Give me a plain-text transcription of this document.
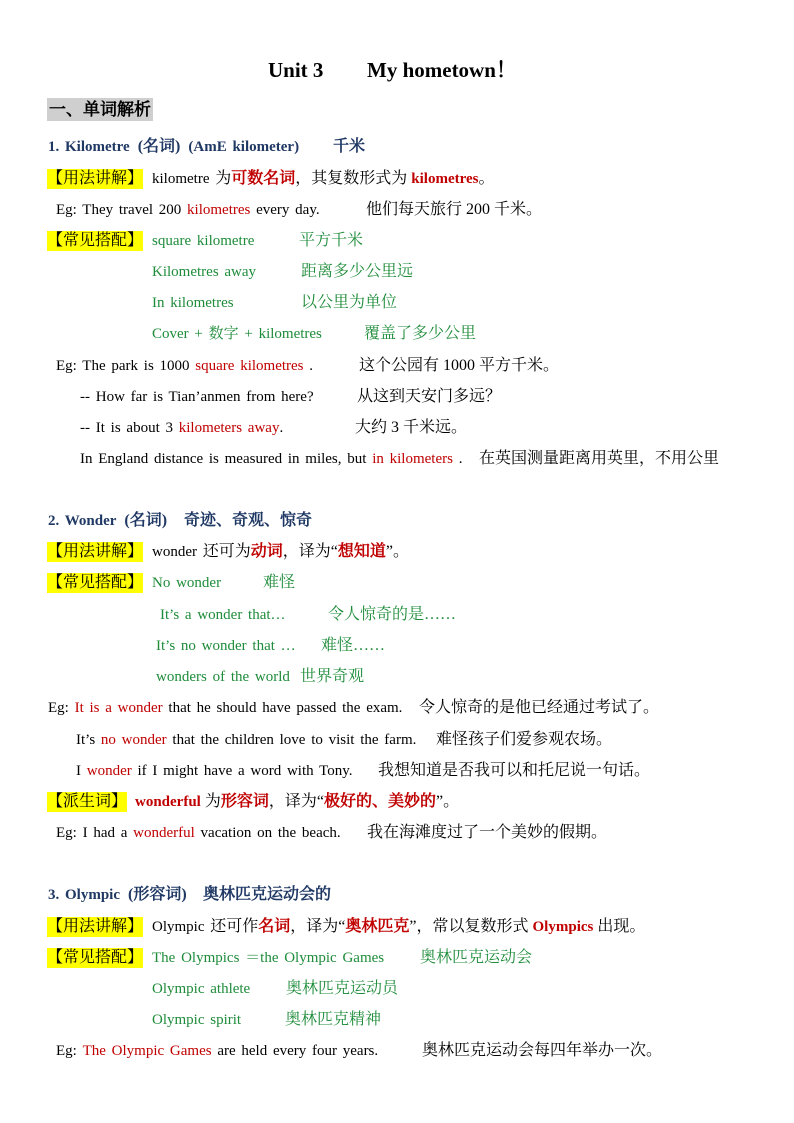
Unit 3 My hometown！
一、单词解析
1. Kilometre (名词) (AmE kilometer) 千米
【用法讲解】 kilometre 为 可数名词 ，其复数形式为 kilometres 。
Eg: They travel 200 kilometres every day.	他们每天旅行 200 千米。
【常见搭配】 square kilometre	平方千米
Kilometres away	距离多少公里远
In kilometres	以公里为单位
Cover + 数字 + kilometres	覆盖了多少公里
Eg: The park is 1000 square kilometres .	这个公园有 1000 平方千米。
-- How far is Tian’anmen from here?	从这到天安门多远？
-- It is about 3 kilometers away .	大约 3 千米远。
In England distance is measured in miles, but in kilometers . 在英国测量距离用英里，不用公里
2. Wonder (名词) 奇迹、奇观、惊奇
【用法讲解】 wonder 还可为 动词 ，译为“ 想知道 ”。
【常见搭配】 No wonder	难怪
It’s a wonder that…	令人惊奇的是……
It’s no wonder that … 难怪……
wonders of the world 世界奇观
Eg: It is a wonder that he should have passed the exam. 令人惊奇的是他已经通过考试了。
It’s no wonder that the children love to visit the farm. 难怪孩子们爱参观农场。
I wonder if I might have a word with Tony. 我想知道是否我可以和托尼说一句话。
【派生词】 wonderful 为 形容词 ，译为“ 极好的、美妙的 ”。
Eg: I had a wonderful vacation on the beach. 我在海滩度过了一个美妙的假期。
3. Olympic (形容词) 奥林匹克运动会的
【用法讲解】 Olympic 还可作 名词 ，译为“ 奥林匹克 ”，常以复数形式 Olympics 出现。
【常见搭配】 The Olympics ＝the Olympic Games 奥林匹克运动会
Olympic athlete 奥林匹克运动员
Olympic spirit	奥林匹克精神
Eg: The Olympic Games are held every four years.	奥林匹克运动会每四年举办一次。
